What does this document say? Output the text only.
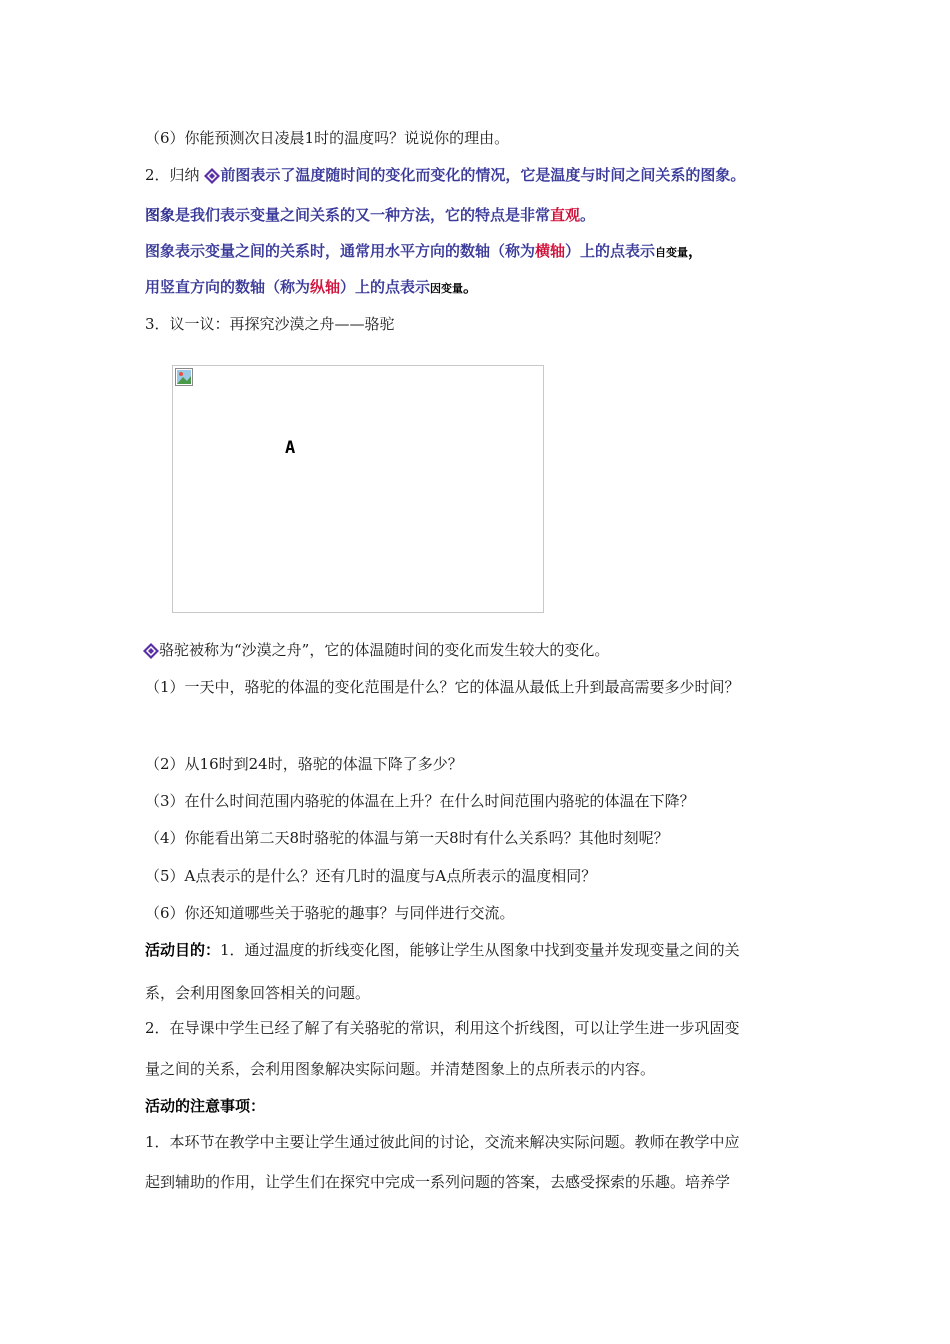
（6）你能预测次日凌晨1时的温度吗？说说你的理由。
2．归纳 前图表示了温度随时间的变化而变化的情况，它是温度与时间之间关系的图象。
图象是我们表示变量之间关系的又一种方法，它的特点是非常直观。
图象表示变量之间的关系时，通常用水平方向的数轴（称为横轴）上的点表示自变量，
用竖直方向的数轴（称为纵轴）上的点表示因变量。
3．议一议：再探究沙漠之舟——骆驼
A
骆驼被称为“沙漠之舟”，它的体温随时间的变化而发生较大的变化。
（1）一天中，骆驼的体温的变化范围是什么？它的体温从最低上升到最高需要多少时间？
（2）从16时到24时，骆驼的体温下降了多少？
（3）在什么时间范围内骆驼的体温在上升？在什么时间范围内骆驼的体温在下降？
（4）你能看出第二天8时骆驼的体温与第一天8时有什么关系吗？其他时刻呢？
（5）A点表示的是什么？还有几时的温度与A点所表示的温度相同？
（6）你还知道哪些关于骆驼的趣事？与同伴进行交流。
活动目的：1．通过温度的折线变化图，能够让学生从图象中找到变量并发现变量之间的关
系，会利用图象回答相关的问题。
2．在导课中学生已经了解了有关骆驼的常识，利用这个折线图，可以让学生进一步巩固变
量之间的关系，会利用图象解决实际问题。并清楚图象上的点所表示的内容。
活动的注意事项：
1．本环节在教学中主要让学生通过彼此间的讨论，交流来解决实际问题。教师在教学中应
起到辅助的作用，让学生们在探究中完成一系列问题的答案，去感受探索的乐趣。培养学
